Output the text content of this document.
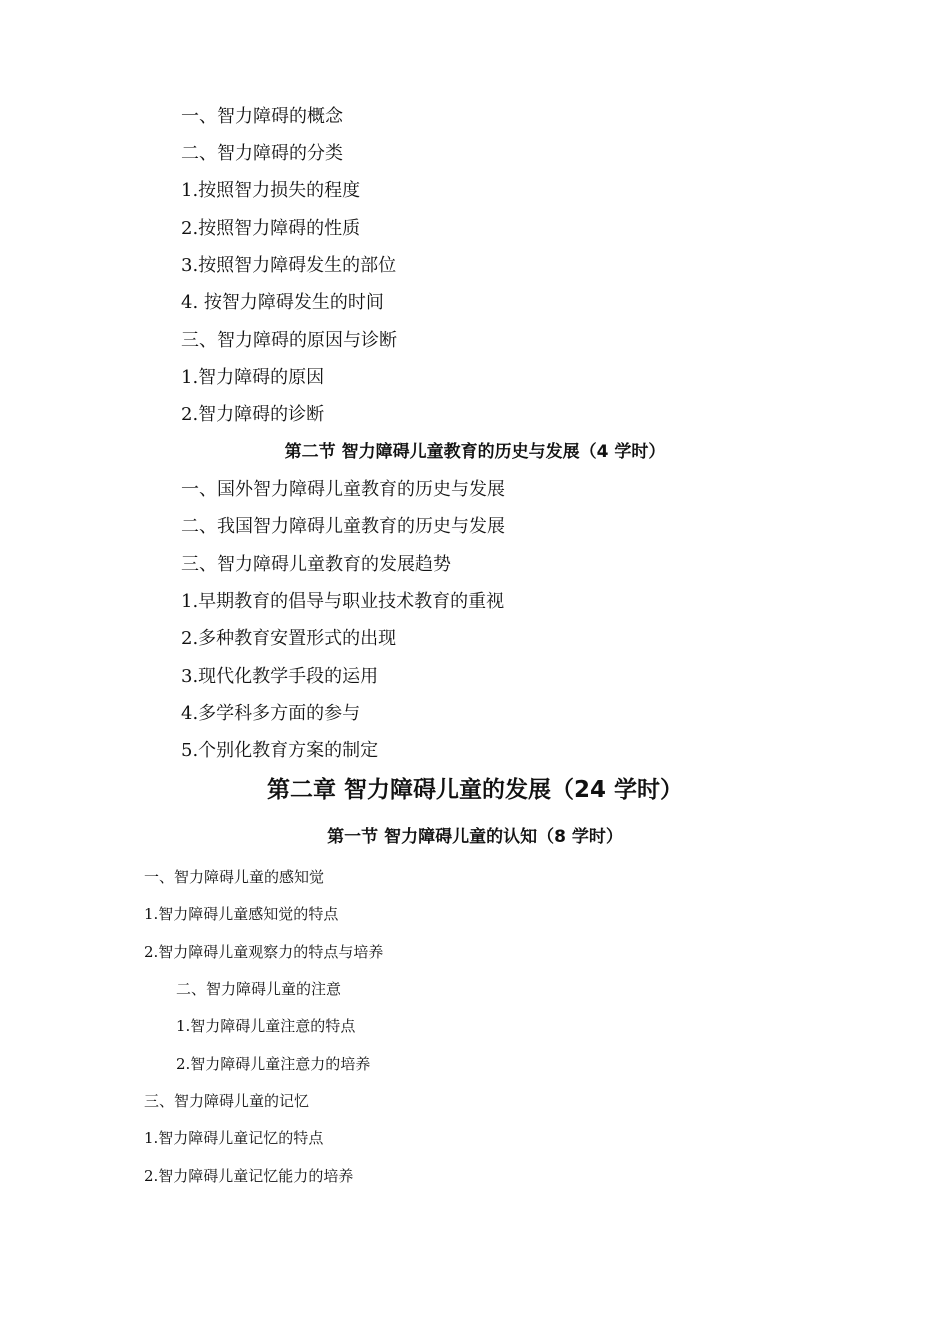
一、智力障碍的概念
二、智力障碍的分类
1.按照智力损失的程度
2.按照智力障碍的性质
3.按照智力障碍发生的部位
4. 按智力障碍发生的时间
三、智力障碍的原因与诊断
1.智力障碍的原因
2.智力障碍的诊断
第二节 智力障碍儿童教育的历史与发展（4 学时）
一、国外智力障碍儿童教育的历史与发展
二、我国智力障碍儿童教育的历史与发展
三、智力障碍儿童教育的发展趋势
1.早期教育的倡导与职业技术教育的重视
2.多种教育安置形式的出现
3.现代化教学手段的运用
4.多学科多方面的参与
5.个别化教育方案的制定
第二章 智力障碍儿童的发展（24 学时）
第一节 智力障碍儿童的认知（8 学时）
一、智力障碍儿童的感知觉
1.智力障碍儿童感知觉的特点
2.智力障碍儿童观察力的特点与培养
二、智力障碍儿童的注意
1.智力障碍儿童注意的特点
2.智力障碍儿童注意力的培养
三、智力障碍儿童的记忆
1.智力障碍儿童记忆的特点
2.智力障碍儿童记忆能力的培养
